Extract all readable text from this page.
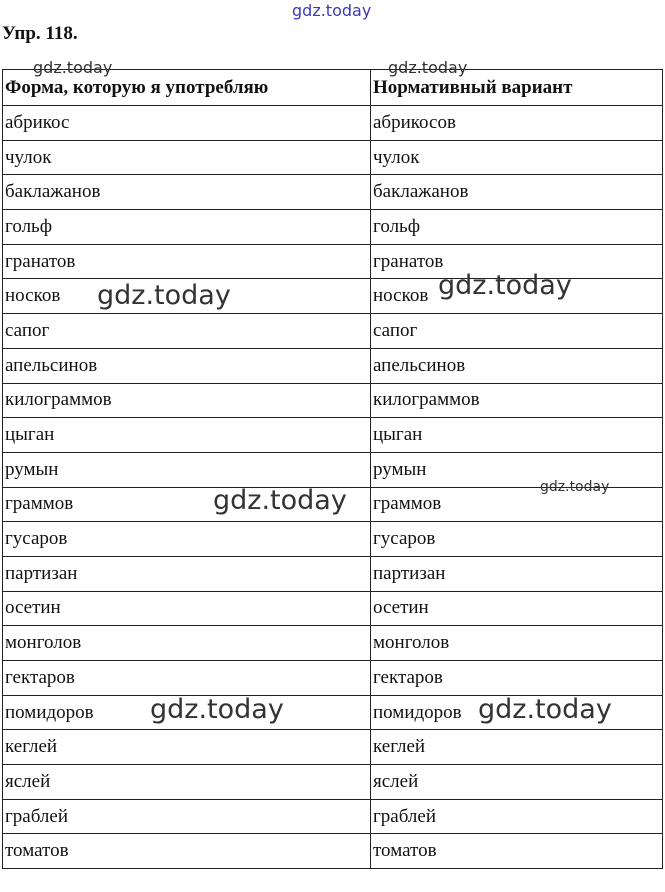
Упр. 118.
Форма, которую я употребляю	Нормативный вариант
абрикос	абрикосов
чулок	чулок
баклажанов	баклажанов
гольф	гольф
гранатов	гранатов
носков	носков
сапог	сапог
апельсинов	апельсинов
килограммов	килограммов
цыган	цыган
румын	румын
граммов	граммов
гусаров	гусаров
партизан	партизан
осетин	осетин
монголов	монголов
гектаров	гектаров
помидоров	помидоров
кеглей	кеглей
яслей	яслей
граблей	граблей
томатов	томатов
gdz.today
gdz.today	gdz.today
gdz.today	gdz.today
gdz.today	gdz.today
gdz.today	gdz.today
